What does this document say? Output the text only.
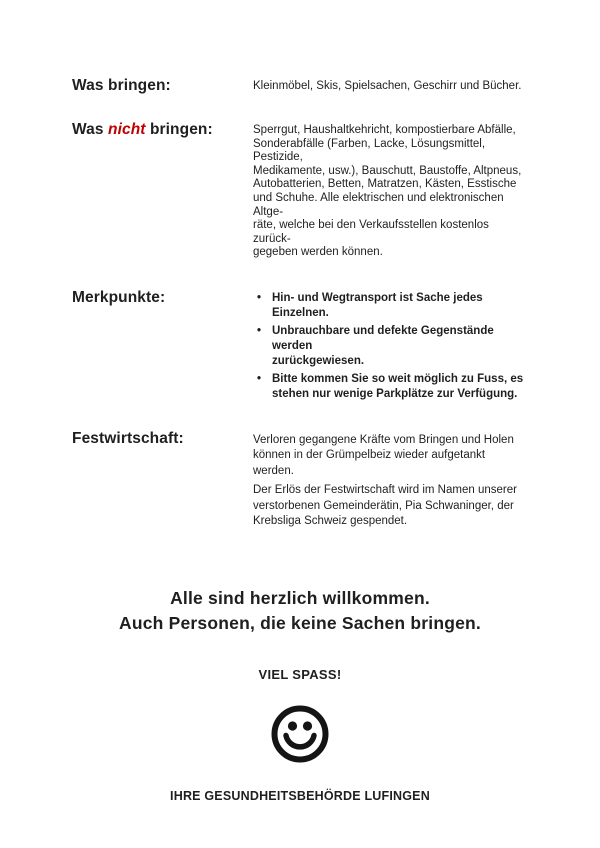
Was bringen:	Kleinmöbel, Skis, Spielsachen, Geschirr und Bücher.
Was nicht bringen:	Sperrgut, Haushaltkehricht, kompostierbare Abfälle,
Sonderabfälle (Farben, Lacke, Lösungsmittel, Pestizide,
Medikamente, usw.), Bauschutt, Baustoffe, Altpneus,
Autobatterien, Betten, Matratzen, Kästen, Esstische
und Schuhe. Alle elektrischen und elektronischen Altge-
räte, welche bei den Verkaufsstellen kostenlos zurück-
gegeben werden können.
Merkpunkte:	• Hin- und Wegtransport ist Sache jedes Einzelnen.
• Unbrauchbare und defekte Gegenstände werden
zurückgewiesen.
• Bitte kommen Sie so weit möglich zu Fuss, es
stehen nur wenige Parkplätze zur Verfügung.
Festwirtschaft:	Verloren gegangene Kräfte vom Bringen und Holen
können in der Grümpelbeiz wieder aufgetankt werden.
Der Erlös der Festwirtschaft wird im Namen unserer
verstorbenen Gemeinderätin, Pia Schwaninger, der
Krebsliga Schweiz gespendet.
Alle sind herzlich willkommen.
Auch Personen, die keine Sachen bringen.
VIEL SPASS!
IHRE GESUNDHEITSBEHÖRDE LUFINGEN
